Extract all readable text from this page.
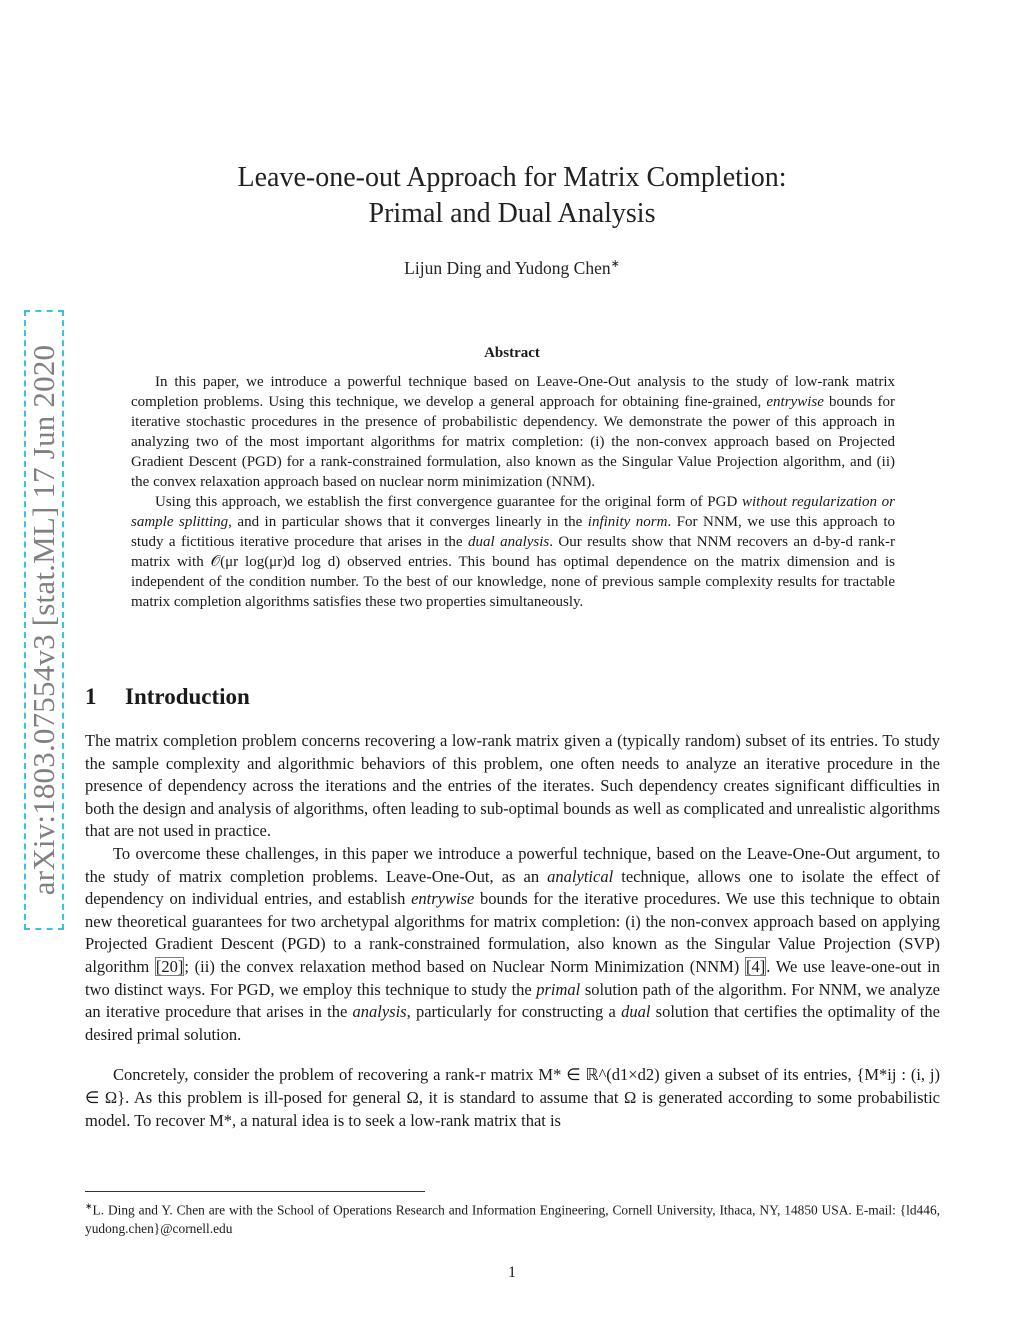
arXiv:1803.07554v3 [stat.ML] 17 Jun 2020
Leave-one-out Approach for Matrix Completion:
Primal and Dual Analysis
Lijun Ding and Yudong Chen∗
Abstract

In this paper, we introduce a powerful technique based on Leave-One-Out analysis to the study of low-rank matrix completion problems. Using this technique, we develop a general approach for obtaining fine-grained, entrywise bounds for iterative stochastic procedures in the presence of probabilistic dependency. We demonstrate the power of this approach in analyzing two of the most important algorithms for matrix completion: (i) the non-convex approach based on Projected Gradient Descent (PGD) for a rank-constrained formulation, also known as the Singular Value Projection algorithm, and (ii) the convex relaxation approach based on nuclear norm minimization (NNM).

Using this approach, we establish the first convergence guarantee for the original form of PGD without regularization or sample splitting, and in particular shows that it converges linearly in the infinity norm. For NNM, we use this approach to study a fictitious iterative procedure that arises in the dual analysis. Our results show that NNM recovers an d-by-d rank-r matrix with 𝒪(μr log(μr)d log d) observed entries. This bound has optimal dependence on the matrix dimension and is independent of the condition number. To the best of our knowledge, none of previous sample complexity results for tractable matrix completion algorithms satisfies these two properties simultaneously.

1 Introduction

The matrix completion problem concerns recovering a low-rank matrix given a (typically random) subset of its entries. To study the sample complexity and algorithmic behaviors of this problem, one often needs to analyze an iterative procedure in the presence of dependency across the iterations and the entries of the iterates. Such dependency creates significant difficulties in both the design and analysis of algorithms, often leading to sub-optimal bounds as well as complicated and unrealistic algorithms that are not used in practice.

To overcome these challenges, in this paper we introduce a powerful technique, based on the Leave-One-Out argument, to the study of matrix completion problems. Leave-One-Out, as an analytical technique, allows one to isolate the effect of dependency on individual entries, and establish entrywise bounds for the iterative procedures. We use this technique to obtain new theoretical guarantees for two archetypal algorithms for matrix completion: (i) the non-convex approach based on applying Projected Gradient Descent (PGD) to a rank-constrained formulation, also known as the Singular Value Projection (SVP) algorithm [20]; (ii) the convex relaxation method based on Nuclear Norm Minimization (NNM) [4]. We use leave-one-out in two distinct ways. For PGD, we employ this technique to study the primal solution path of the algorithm. For NNM, we analyze an iterative procedure that arises in the analysis, particularly for constructing a dual solution that certifies the optimality of the desired primal solution.

Concretely, consider the problem of recovering a rank-r matrix M* ∈ ℝ^(d1×d2) given a subset of its entries, {M*ij : (i, j) ∈ Ω}. As this problem is ill-posed for general Ω, it is standard to assume that Ω is generated according to some probabilistic model. To recover M*, a natural idea is to seek a low-rank matrix that is

∗L. Ding and Y. Chen are with the School of Operations Research and Information Engineering, Cornell University, Ithaca, NY, 14850 USA. E-mail: {ld446, yudong.chen}@cornell.edu
1
